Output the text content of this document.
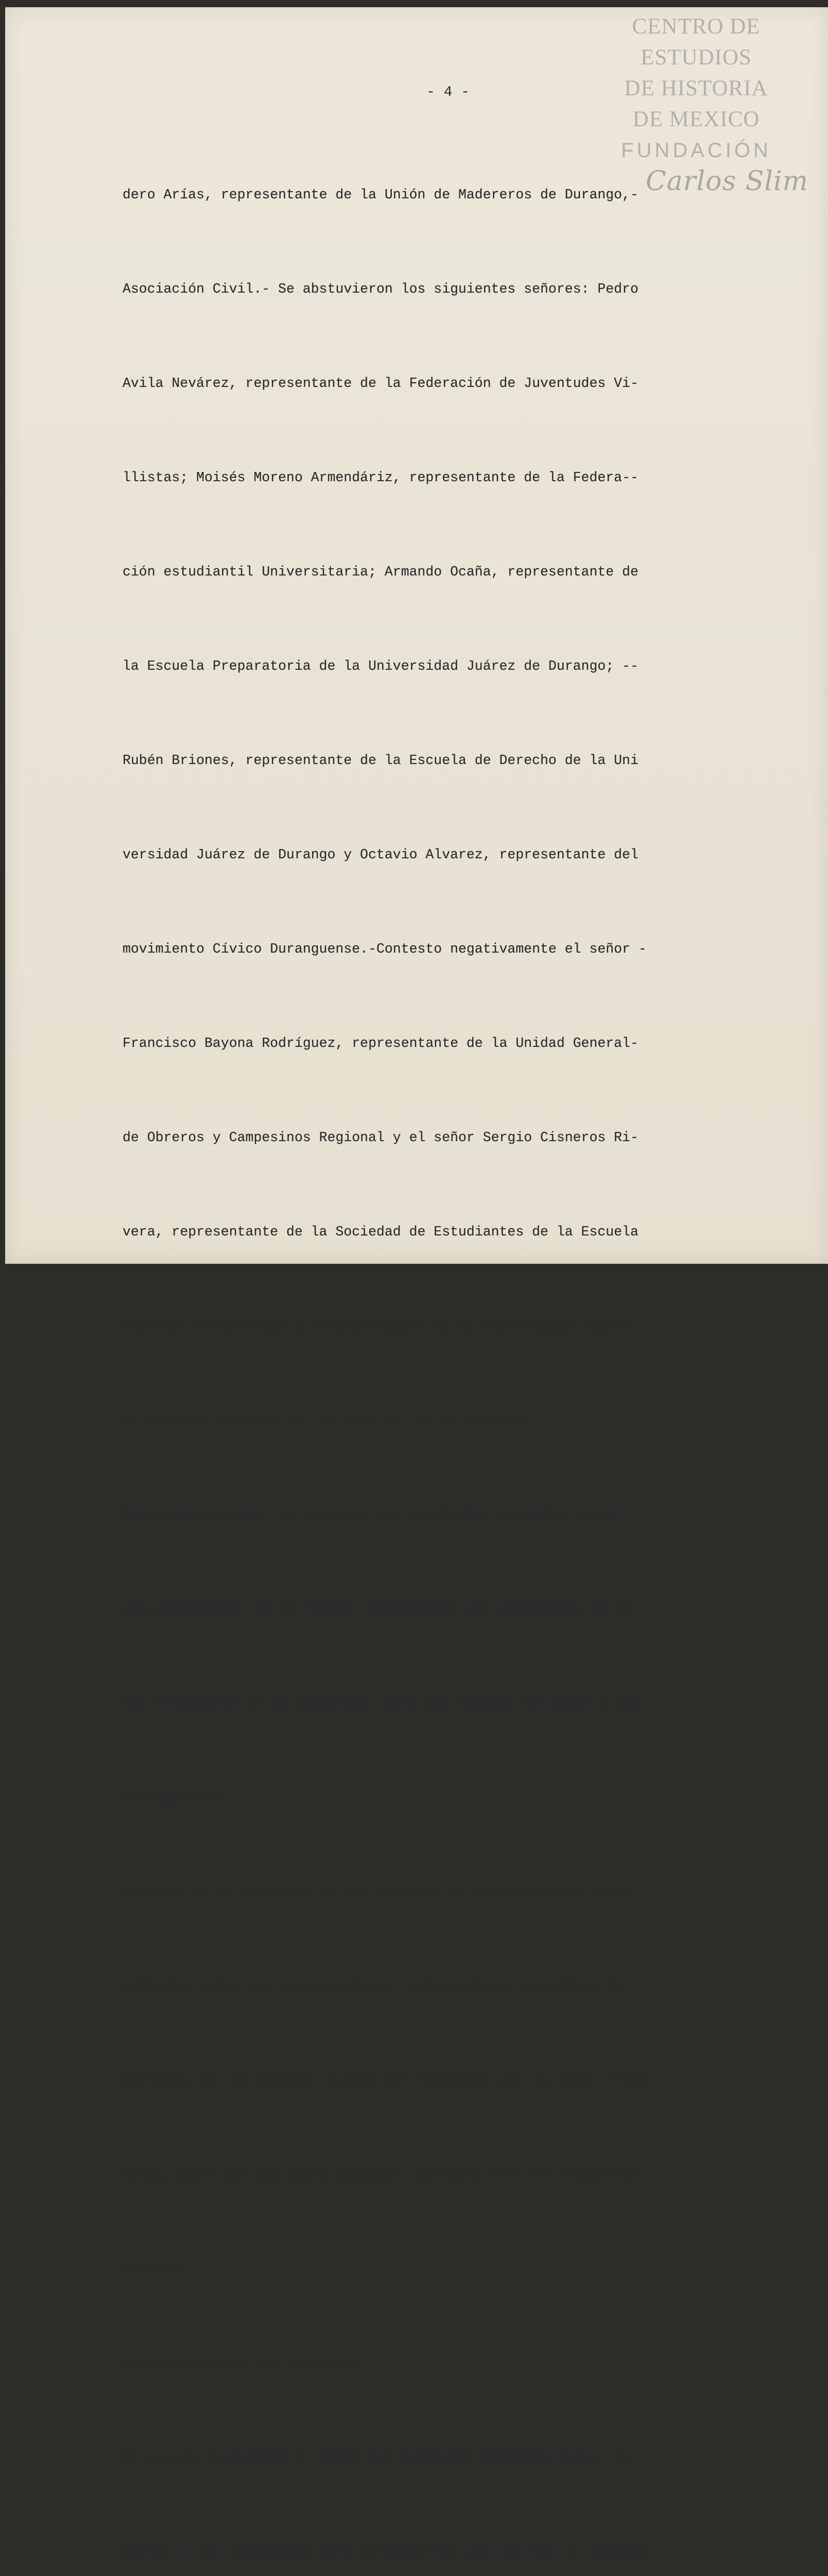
CENTRO DE
ESTUDIOS
DE HISTORIA
DE MEXICO
FUNDACIÓN
Carlos Slim
- 4 -

dero Arías, representante de la Unión de Madereros de Durango,-

Asociación Civil.- Se abstuvieron los siguientes señores: Pedro

Avila Nevárez, representante de la Federación de Juventudes Vi-

llistas; Moisés Moreno Armendáriz, representante de la Federa--

ción estudiantil Universitaria; Armando Ocaña, representante de

la Escuela Preparatoria de la Universidad Juárez de Durango; --

Rubén Briones, representante de la Escuela de Derecho de la Uni

versidad Juárez de Durango y Octavio Alvarez, representante del

movimiento Cívico Duranguense.-Contesto negativamente el señor -

Francisco Bayona Rodríguez, representante de la Unidad General-

de Obreros y Campesinos Regional y el señor Sergio Cisneros Ri-

vera, representante de la Sociedad de Estudiantes de la Escuela

Superior de Comercio y Administración de la Universidad Juárez-

de Durango, ni dijo sí, ni dijo nó, ni se abstuvo.- - - - - - -

Como punto quinto, se proponen los siguientes acuerdos: hacer -

una publicación en la Prensa, solicitando una entrevista al se-

ñor Presidente de la República, para que conceda su apoyo a los

Duranguenses.- - - - - - - - - - - - - - - - - - - - - - - - -

Proceder a la formación de una comisión en la cual estén repre-

sentadas todas las organizaciones, integrada por el número de -

personas que se indique, puedan ser recibidas por el señor Presi

dente, para que sea dicha comisión, portavoz ante el Primer Man

datario.- - - - - - - - - - - - - - - - - - - - - - - - - - - -

Dichos acuerdos son aprobados.- - - - - - - - - - - - - - - - -

En uso de la palabra el señor Don Guillermo González Salas, se-

dirige a los asistentes para agradecerles una vez más su asisten
